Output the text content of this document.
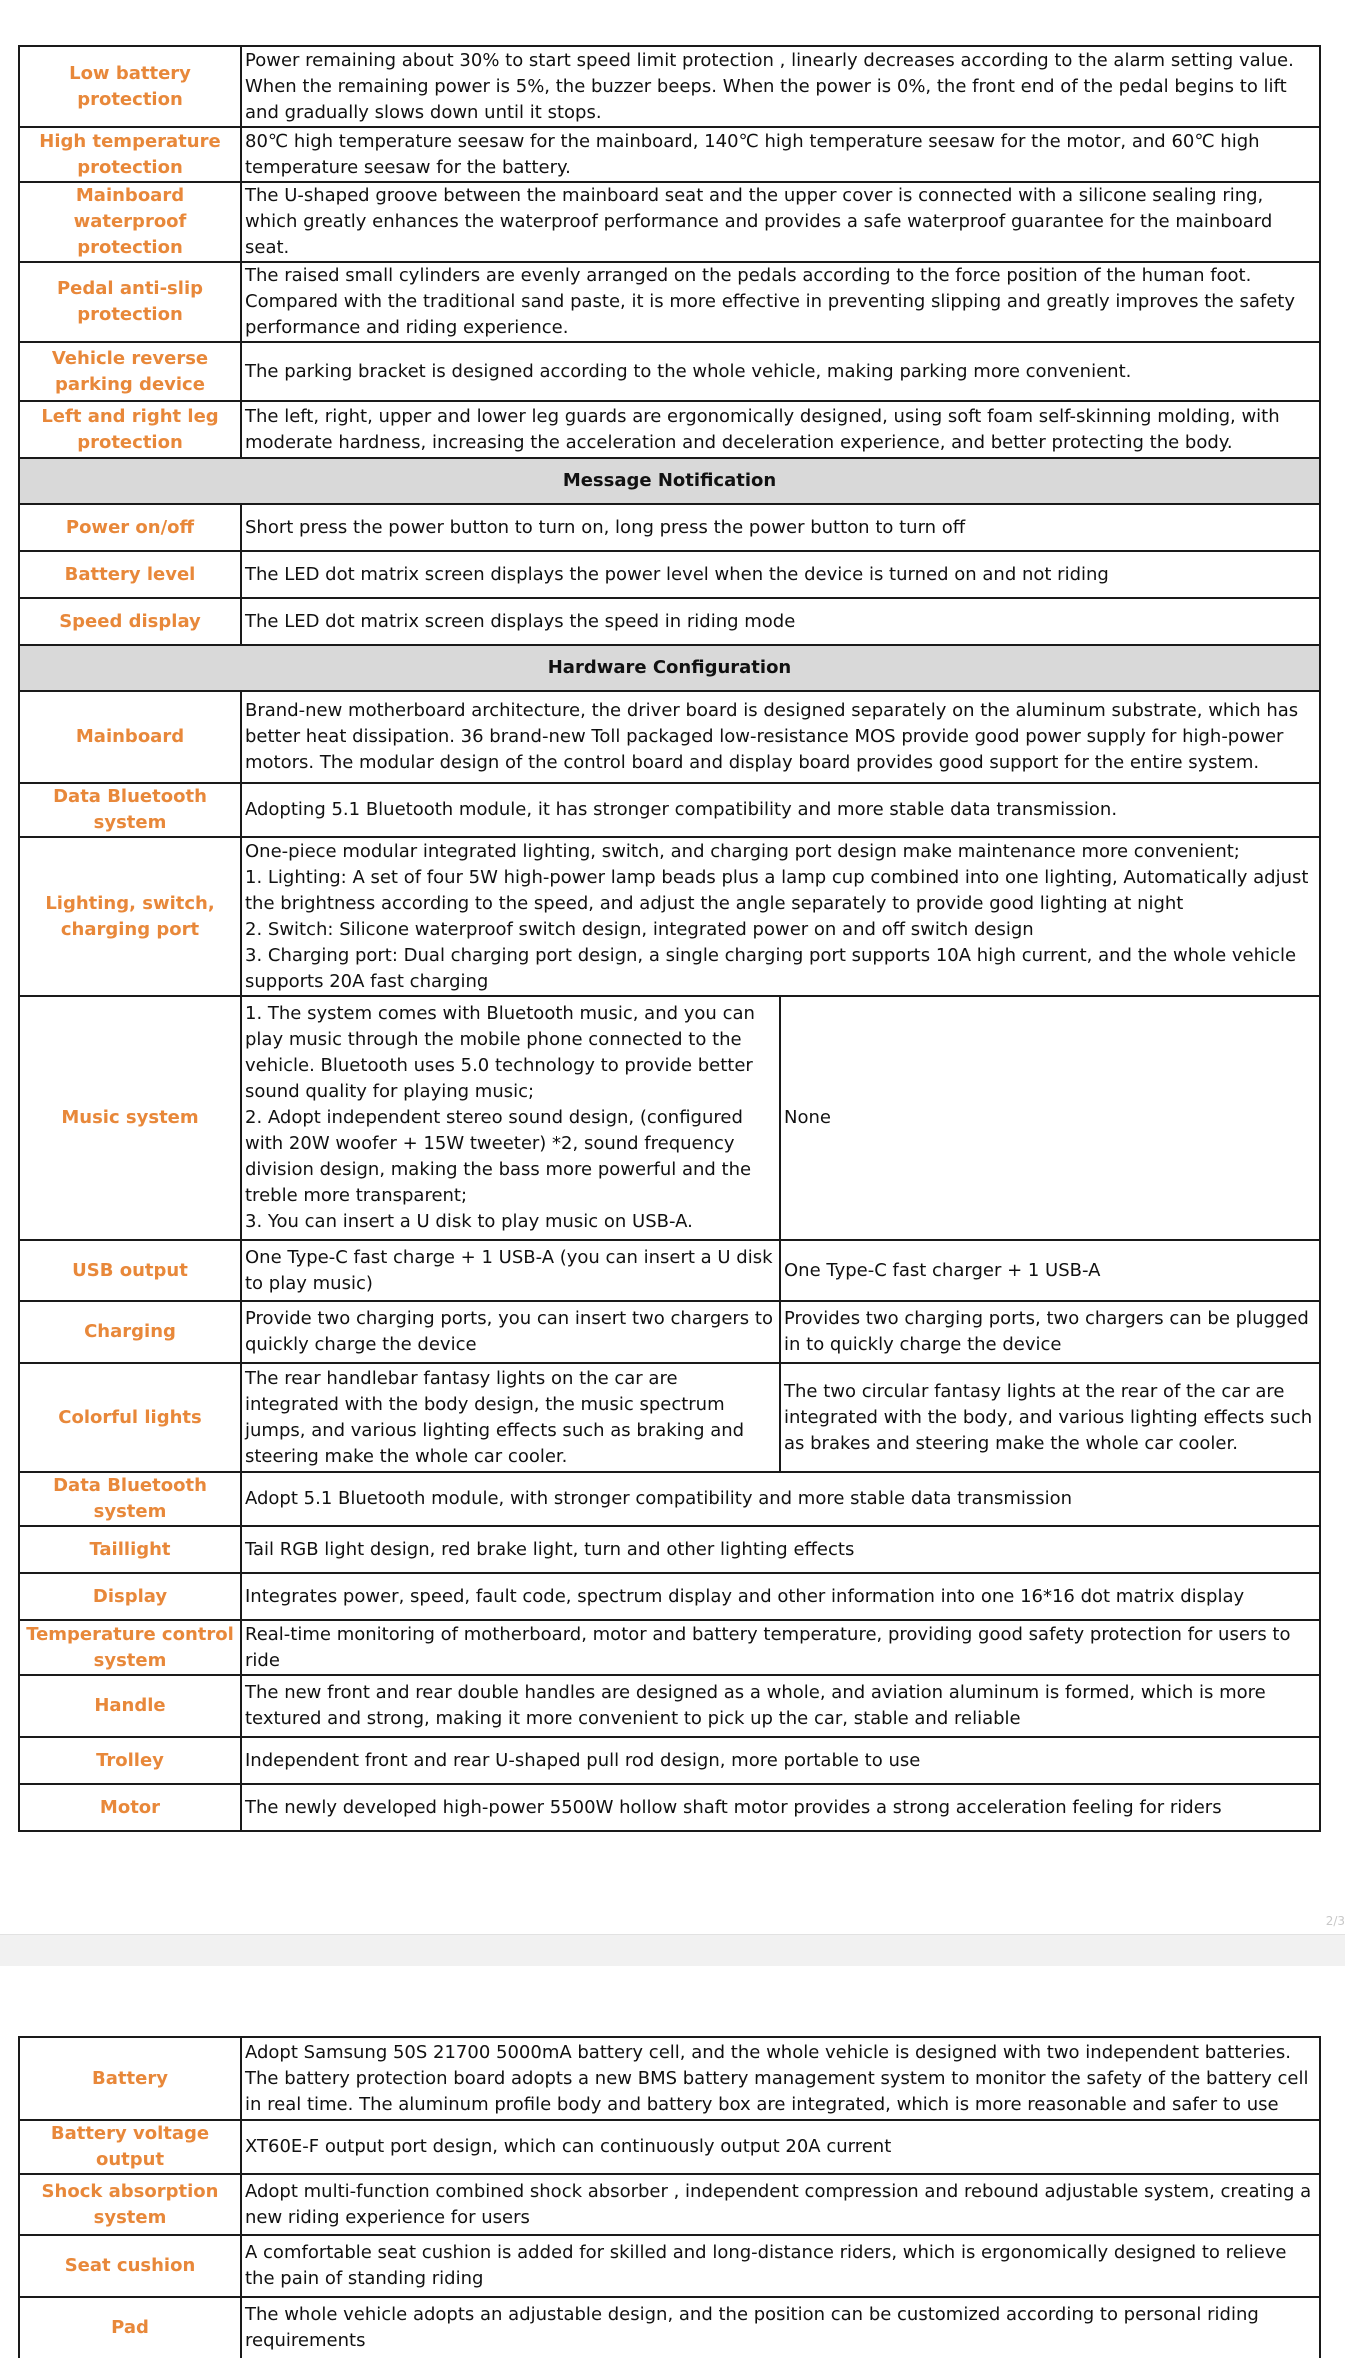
Low battery protection	Power remaining about 30% to start speed limit protection , linearly decreases according to the alarm setting value. When the remaining power is 5%, the buzzer beeps. When the power is 0%, the front end of the pedal begins to lift and gradually slows down until it stops.	
High temperature protection	80℃ high temperature seesaw for the mainboard, 140℃ high temperature seesaw for the motor, and 60℃ high temperature seesaw for the battery.	
Mainboard waterproof protection	The U-shaped groove between the mainboard seat and the upper cover is connected with a silicone sealing ring, which greatly enhances the waterproof performance and provides a safe waterproof guarantee for the mainboard seat.	
Pedal anti-slip protection	The raised small cylinders are evenly arranged on the pedals according to the force position of the human foot. Compared with the traditional sand paste, it is more effective in preventing slipping and greatly improves the safety performance and riding experience.	
Vehicle reverse parking device	The parking bracket is designed according to the whole vehicle, making parking more convenient.	
Left and right leg protection	The left, right, upper and lower leg guards are ergonomically designed, using soft foam self-skinning molding, with moderate hardness, increasing the acceleration and deceleration experience, and better protecting the body.	
Message Notification		
Power on/off	Short press the power button to turn on, long press the power button to turn off	
Battery level	The LED dot matrix screen displays the power level when the device is turned on and not riding	
Speed display	The LED dot matrix screen displays the speed in riding mode	
Hardware Configuration		
Mainboard	Brand-new motherboard architecture, the driver board is designed separately on the aluminum substrate, which has better heat dissipation. 36 brand-new Toll packaged low-resistance MOS provide good power supply for high-power motors. The modular design of the control board and display board provides good support for the entire system.	
Data Bluetooth system	Adopting 5.1 Bluetooth module, it has stronger compatibility and more stable data transmission.	
Lighting, switch, charging port	One-piece modular integrated lighting, switch, and charging port design make maintenance more convenient;
1. Lighting: A set of four 5W high-power lamp beads plus a lamp cup combined into one lighting, Automatically adjust the brightness according to the speed, and adjust the angle separately to provide good lighting at night
2. Switch: Silicone waterproof switch design, integrated power on and off switch design
3. Charging port: Dual charging port design, a single charging port supports 10A high current, and the whole vehicle supports 20A fast charging	

Music system	1. The system comes with Bluetooth music, and you can play music through the mobile phone connected to the vehicle. Bluetooth uses 5.0 technology to provide better sound quality for playing music;
2. Adopt independent stereo sound design, (configured with 20W woofer + 15W tweeter) *2, sound frequency division design, making the bass more powerful and the treble more transparent;
3. You can insert a U disk to play music on USB-A.	None
USB output	One Type-C fast charge + 1 USB-A (you can insert a U disk to play music)	One Type-C fast charger + 1 USB-A
Charging	Provide two charging ports, you can insert two chargers to quickly charge the device	Provides two charging ports, two chargers can be plugged in to quickly charge the device
Colorful lights	The rear handlebar fantasy lights on the car are integrated with the body design, the music spectrum jumps, and various lighting effects such as braking and steering make the whole car cooler.	The two circular fantasy lights at the rear of the car are integrated with the body, and various lighting effects such as brakes and steering make the whole car cooler.
Data Bluetooth system	Adopt 5.1 Bluetooth module, with stronger compatibility and more stable data transmission	
Taillight	Tail RGB light design, red brake light, turn and other lighting effects	
Display	Integrates power, speed, fault code, spectrum display and other information into one 16*16 dot matrix display	
Temperature control system	Real-time monitoring of motherboard, motor and battery temperature, providing good safety protection for users to ride	
Handle	The new front and rear double handles are designed as a whole, and aviation aluminum is formed, which is more textured and strong, making it more convenient to pick up the car, stable and reliable	
Trolley	Independent front and rear U-shaped pull rod design, more portable to use	
Motor	The newly developed high-power 5500W hollow shaft motor provides a strong acceleration feeling for riders	
2/3
Battery	Adopt Samsung 50S 21700 5000mA battery cell, and the whole vehicle is designed with two independent batteries. The battery protection board adopts a new BMS battery management system to monitor the safety of the battery cell in real time. The aluminum profile body and battery box are integrated, which is more reasonable and safer to use
Battery voltage output	XT60E-F output port design, which can continuously output 20A current
Shock absorption system	Adopt multi-function combined shock absorber , independent compression and rebound adjustable system, creating a new riding experience for users
Seat cushion	A comfortable seat cushion is added for skilled and long-distance riders, which is ergonomically designed to relieve the pain of standing riding
Pad	The whole vehicle adopts an adjustable design, and the position can be customized according to personal riding requirements
